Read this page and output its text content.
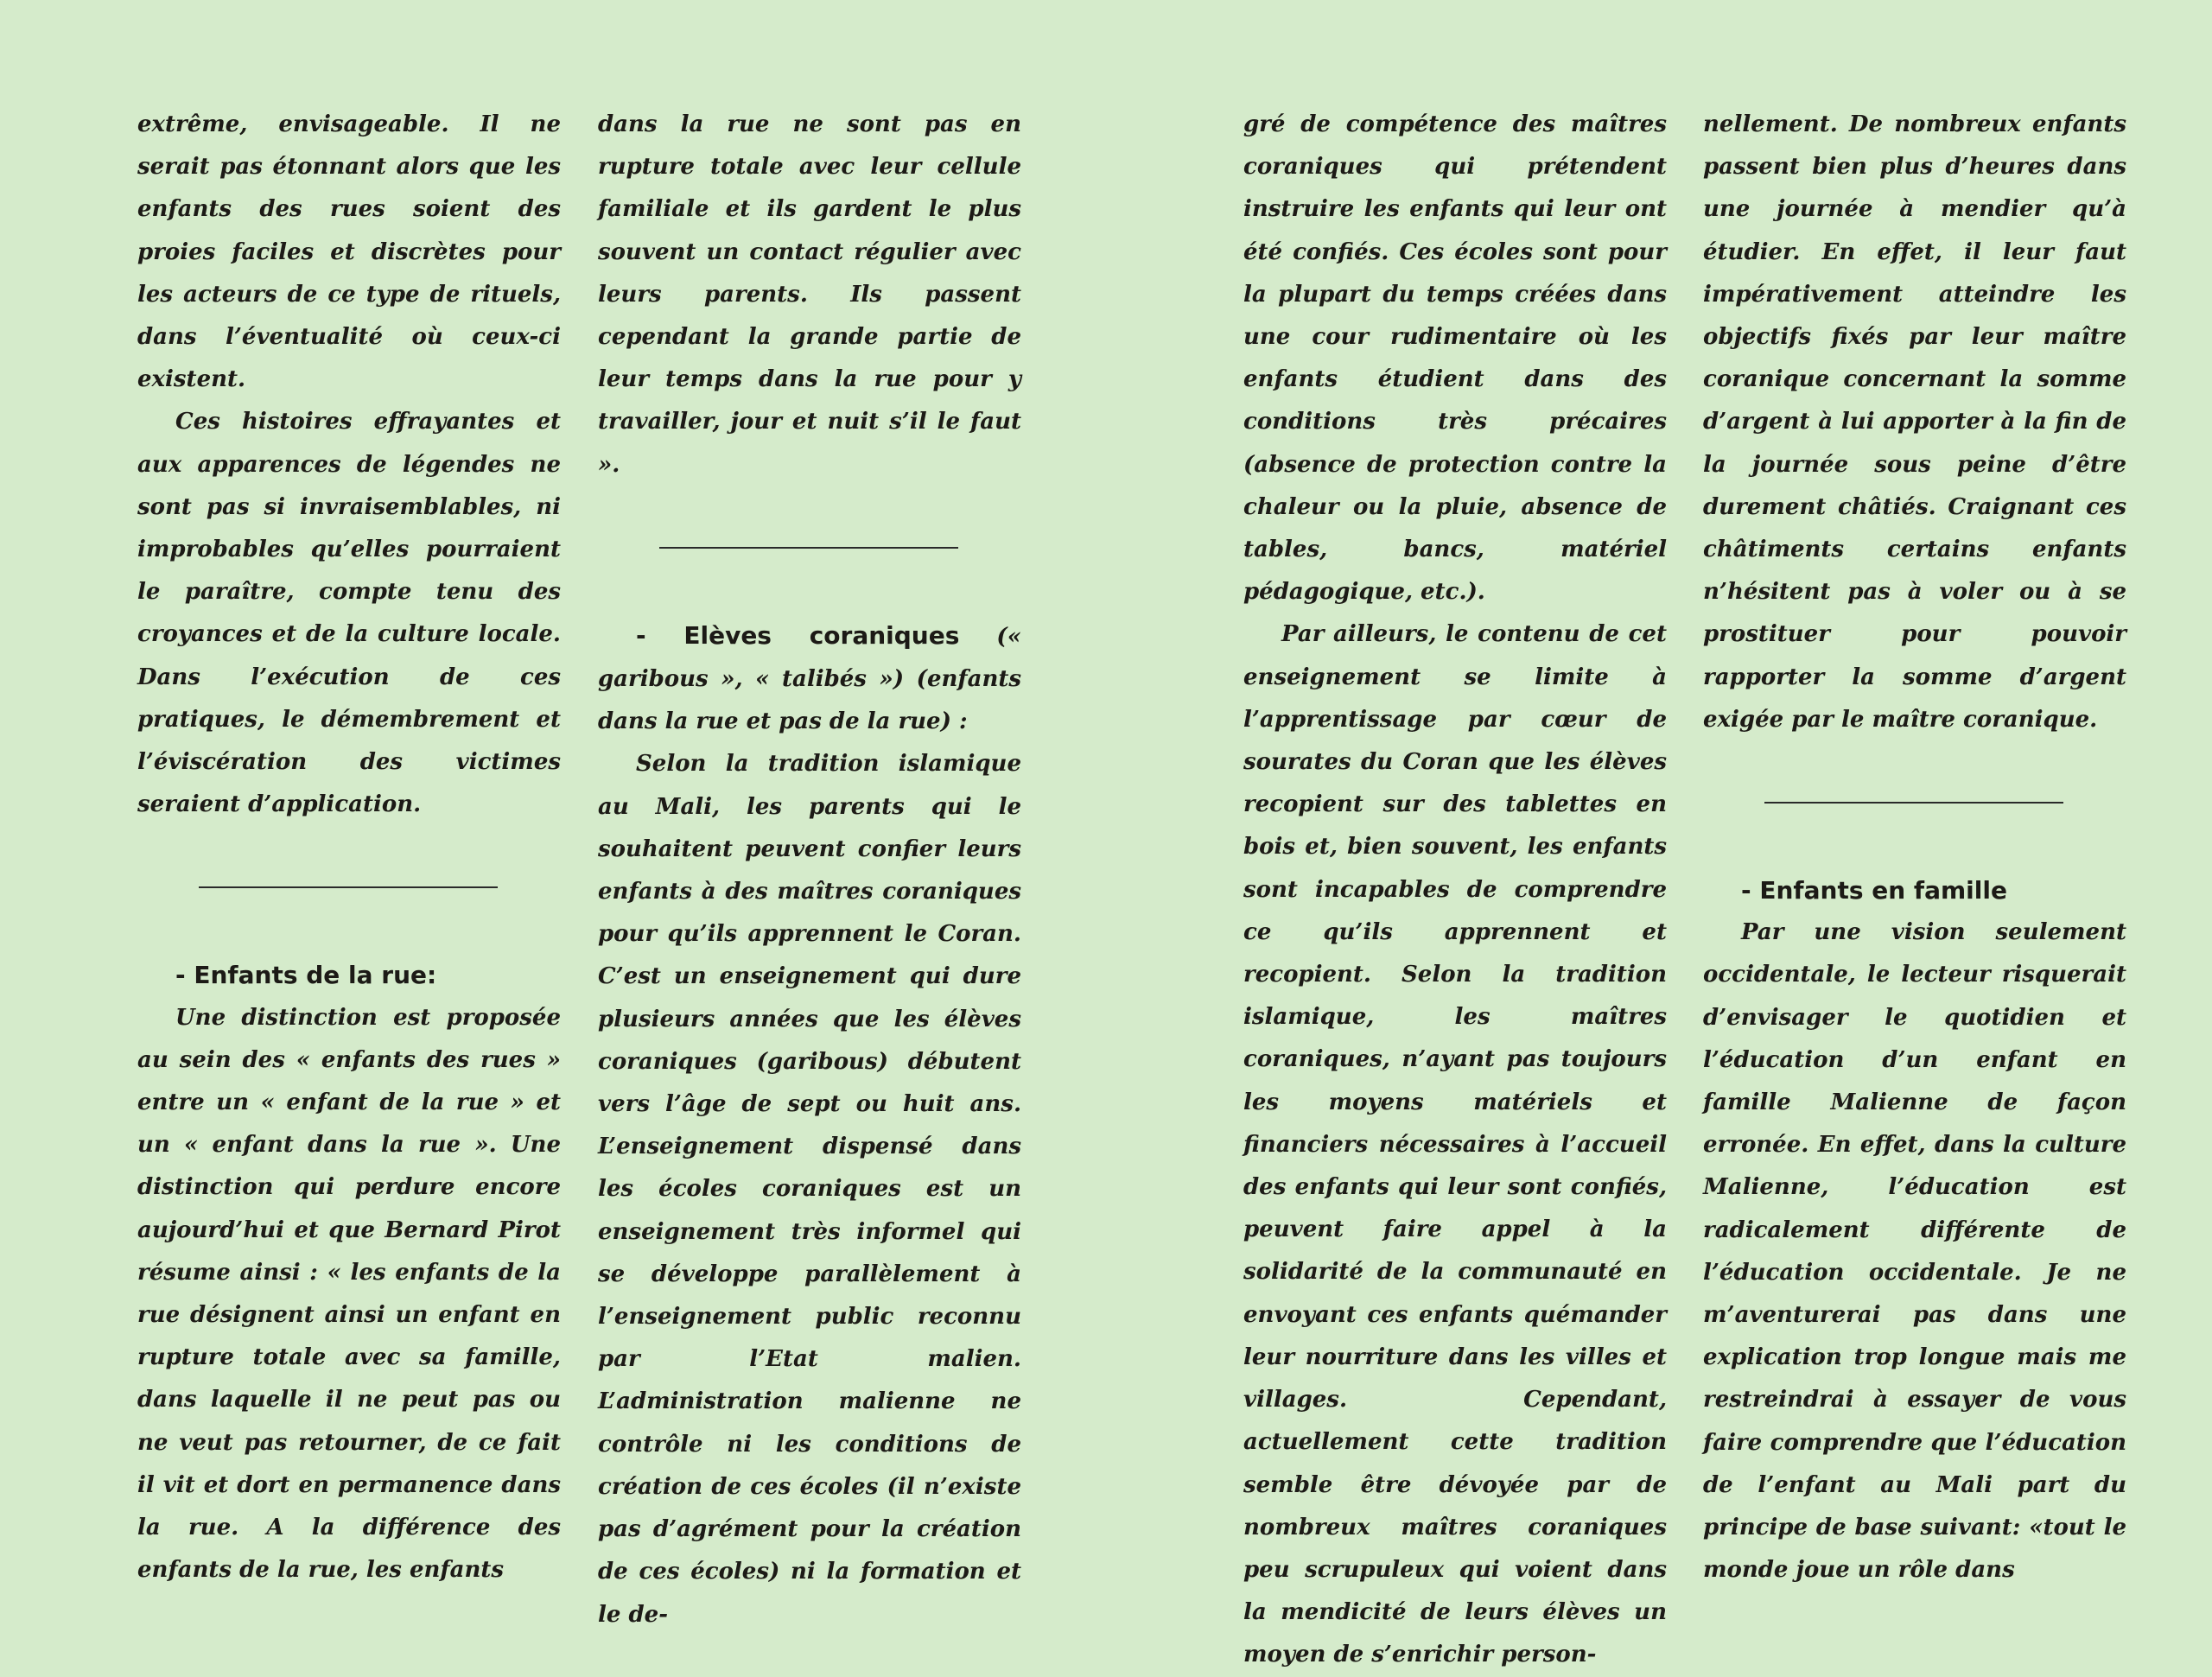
extrême, envisageable. Il ne serait pas étonnant alors que les enfants des rues soient des proies faciles et discrètes pour les acteurs de ce type de rituels, dans l’éventualité où ceux-ci existent.

Ces histoires effrayantes et aux apparences de légendes ne sont pas si invraisemblables, ni improbables qu’elles pourraient le paraître, compte tenu des croyances et de la culture locale. Dans l’exécution de ces pratiques, le démembrement et l’éviscération des victimes seraient d’application.

- Enfants de la rue:

Une distinction est proposée au sein des « enfants des rues » entre un « enfant de la rue » et un « enfant dans la rue ». Une distinction qui perdure encore aujourd’hui et que Bernard Pirot résume ainsi : « les enfants de la rue désignent ainsi un enfant en rupture totale avec sa famille, dans laquelle il ne peut pas ou ne veut pas retourner, de ce fait il vit et dort en permanence dans la rue. A la différence des enfants de la rue, les enfants

dans la rue ne sont pas en rupture totale avec leur cellule familiale et ils gardent le plus souvent un contact régulier avec leurs parents. Ils passent cependant la grande partie de leur temps dans la rue pour y travailler, jour et nuit s’il le faut ».

- Elèves coraniques (« garibous », « talibés ») (enfants dans la rue et pas de la rue) :

Selon la tradition islamique au Mali, les parents qui le souhaitent peuvent confier leurs enfants à des maîtres coraniques pour qu’ils apprennent le Coran. C’est un enseignement qui dure plusieurs années que les élèves coraniques (garibous) débutent vers l’âge de sept ou huit ans. L’enseignement dispensé dans les écoles coraniques est un enseignement très informel qui se développe parallèlement à l’enseignement public reconnu par l’Etat malien. L’administration malienne ne contrôle ni les conditions de création de ces écoles (il n’existe pas d’agrément pour la création de ces écoles) ni la formation et le de-

gré de compétence des maîtres coraniques qui prétendent instruire les enfants qui leur ont été confiés. Ces écoles sont pour la plupart du temps créées dans une cour rudimentaire où les enfants étudient dans des conditions très précaires (absence de protection contre la chaleur ou la pluie, absence de tables, bancs, matériel pédagogique, etc.).

Par ailleurs, le contenu de cet enseignement se limite à l’apprentissage par cœur de sourates du Coran que les élèves recopient sur des tablettes en bois et, bien souvent, les enfants sont incapables de comprendre ce qu’ils apprennent et recopient. Selon la tradition islamique, les maîtres coraniques, n’ayant pas toujours les moyens matériels et financiers nécessaires à l’accueil des enfants qui leur sont confiés, peuvent faire appel à la solidarité de la communauté en envoyant ces enfants quémander leur nourriture dans les villes et villages. Cependant, actuellement cette tradition semble être dévoyée par de nombreux maîtres coraniques peu scrupuleux qui voient dans la mendicité de leurs élèves un moyen de s’enrichir person-

nellement. De nombreux enfants passent bien plus d’heures dans une journée à mendier qu’à étudier. En effet, il leur faut impérativement atteindre les objectifs fixés par leur maître coranique concernant la somme d’argent à lui apporter à la fin de la journée sous peine d’être durement châtiés. Craignant ces châtiments certains enfants n’hésitent pas à voler ou à se prostituer pour pouvoir rapporter la somme d’argent exigée par le maître coranique.

- Enfants en famille

Par une vision seulement occidentale, le lecteur risquerait d’envisager le quotidien et l’éducation d’un enfant en famille Malienne de façon erronée. En effet, dans la culture Malienne, l’éducation est radicalement différente de l’éducation occidentale. Je ne m’aventurerai pas dans une explication trop longue mais me restreindrai à essayer de vous faire comprendre que l’éducation de l’enfant au Mali part du principe de base suivant: «tout le monde joue un rôle dans
